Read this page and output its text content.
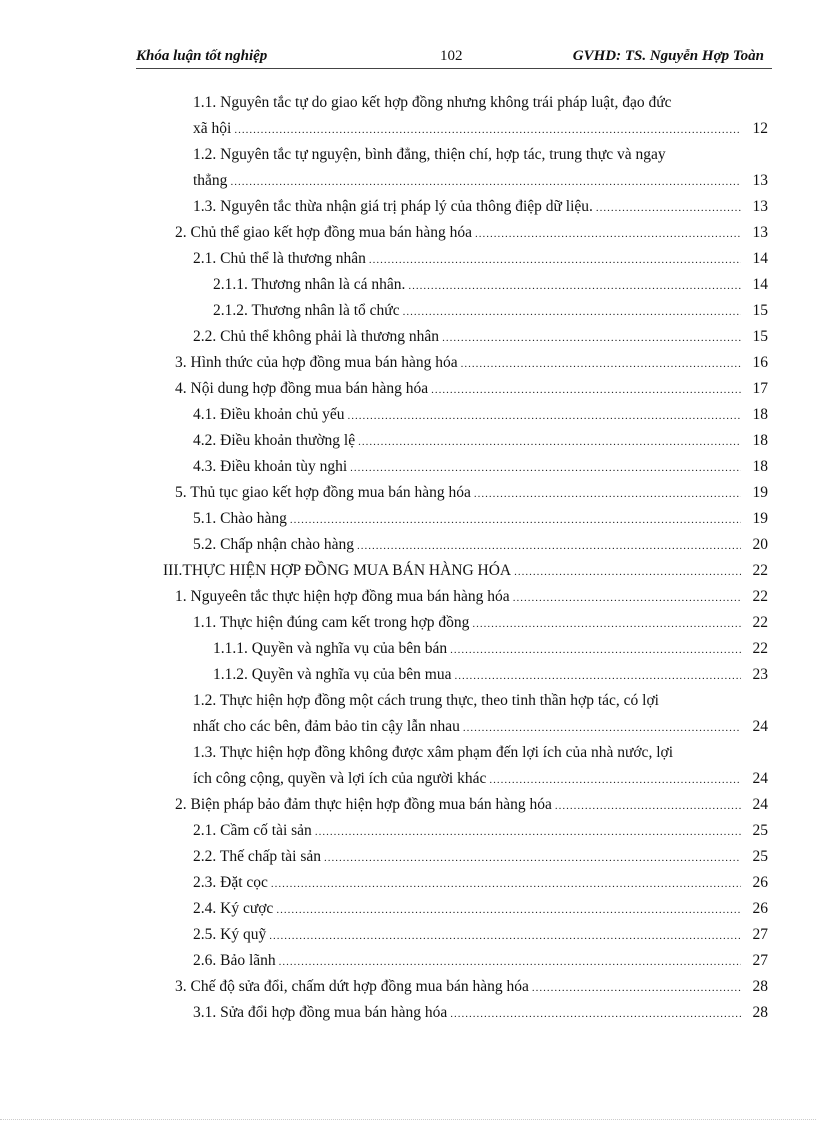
Khóa luận tốt nghiệp	102	GVHD: TS. Nguyễn Hợp Toàn
1.1. Nguyên tắc tự do giao kết hợp đồng nhưng không trái pháp luật, đạo đức
xã hội .....	12
1.2. Nguyên tắc tự nguyện, bình đẳng, thiện chí, hợp tác, trung thực và ngay
thẳng .....	13
1.3. Nguyên tắc thừa nhận giá trị pháp lý của thông điệp dữ liệu. .....	13
2. Chủ thể giao kết hợp đồng mua bán hàng hóa .....	13
2.1. Chủ thể là thương nhân .....	14
2.1.1. Thương nhân là cá nhân. .....	14
2.1.2. Thương nhân là tổ chức .....	15
2.2. Chủ thể không phải là thương nhân .....	15
3. Hình thức của hợp đồng mua bán hàng hóa .....	16
4. Nội dung hợp đồng mua bán hàng hóa .....	17
4.1. Điều khoản chủ yếu .....	18
4.2. Điều khoản thường lệ .....	18
4.3. Điều khoản tùy nghi .....	18
5. Thủ tục giao kết hợp đồng mua bán hàng hóa .....	19
5.1. Chào hàng .....	19
5.2. Chấp nhận chào hàng .....	20
III.THỰC HIỆN HỢP ĐỒNG MUA BÁN HÀNG HÓA .....	22
1. Nguyeên tắc thực hiện hợp đồng mua bán hàng hóa .....	22
1.1. Thực hiện đúng cam kết trong hợp đồng .....	22
1.1.1. Quyền và nghĩa vụ của bên bán .....	22
1.1.2. Quyền và nghĩa vụ của bên mua .....	23
1.2. Thực hiện hợp đồng một cách trung thực, theo tinh thần hợp tác, có lợi
nhất cho các bên, đảm bảo tin cậy lẫn nhau .....	24
1.3. Thực hiện hợp đồng không được xâm phạm đến lợi ích của nhà nước, lợi
ích công cộng, quyền và lợi ích của người khác .....	24
2. Biện pháp bảo đảm thực hiện hợp đồng mua bán hàng hóa .....	24
2.1. Cầm cố tài sản .....	25
2.2. Thế chấp tài sản .....	25
2.3. Đặt cọc .....	26
2.4. Ký cược .....	26
2.5. Ký quỹ .....	27
2.6. Bảo lãnh .....	27
3. Chế độ sửa đổi, chấm dứt hợp đồng mua bán hàng hóa .....	28
3.1. Sửa đổi hợp đồng mua bán hàng hóa .....	28
